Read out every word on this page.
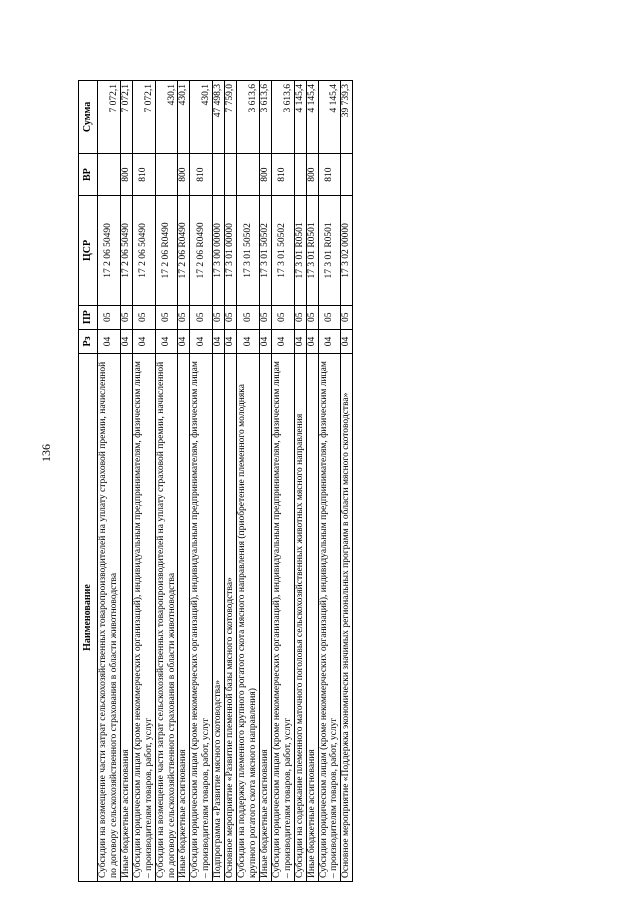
136
Наименование	Рз	ПР	ЦСР	ВР	Сумма
Субсидии на возмещение части затрат сельскохозяйственных товаропроизводителей на уплату страховой премии, начисленной по договору сельскохозяйственного страхования в области животноводства	04	05	17 2 06 50490		7 072,1
Иные бюджетные ассигнования	04	05	17 2 06 50490	800	7 072,1
Субсидии юридическим лицам (кроме некоммерческих организаций), индивидуальным предпринимателям, физическим лицам – производителям товаров, работ, услуг	04	05	17 2 06 50490	810	7 072,1
Субсидии на возмещение части затрат сельскохозяйственных товаропроизводителей на уплату страховой премии, начисленной по договору сельскохозяйственного страхования в области животноводства	04	05	17 2 06 R0490		430,1
Иные бюджетные ассигнования	04	05	17 2 06 R0490	800	430,1
Субсидии юридическим лицам (кроме некоммерческих организаций), индивидуальным предпринимателям, физическим лицам – производителям товаров, работ, услуг	04	05	17 2 06 R0490	810	430,1
Подпрограмма «Развитие мясного скотоводства»	04	05	17 3 00 00000		47 498,3
Основное мероприятие «Развитие племенной базы мясного скотоводства»	04	05	17 3 01 00000		7 759,0
Субсидии на поддержку племенного крупного рогатого скота мясного направления (приобретение племенного молодняка крупного рогатого скота мясного направления)	04	05	17 3 01 50502		3 613,6
Иные бюджетные ассигнования	04	05	17 3 01 50502	800	3 613,6
Субсидии юридическим лицам (кроме некоммерческих организаций), индивидуальным предпринимателям, физическим лицам – производителям товаров, работ, услуг	04	05	17 3 01 50502	810	3 613,6
Субсидии на содержание племенного маточного поголовья сельскохозяйственных животных мясного направления	04	05	17 3 01 R0501		4 145,4
Иные бюджетные ассигнования	04	05	17 3 01 R0501	800	4 145,4
Субсидии юридическим лицам (кроме некоммерческих организаций), индивидуальным предпринимателям, физическим лицам – производителям товаров, работ, услуг	04	05	17 3 01 R0501	810	4 145,4
Основное мероприятие «Поддержка экономически значимых региональных программ в области мясного скотоводства»	04	05	17 3 02 00000		39 739,3
